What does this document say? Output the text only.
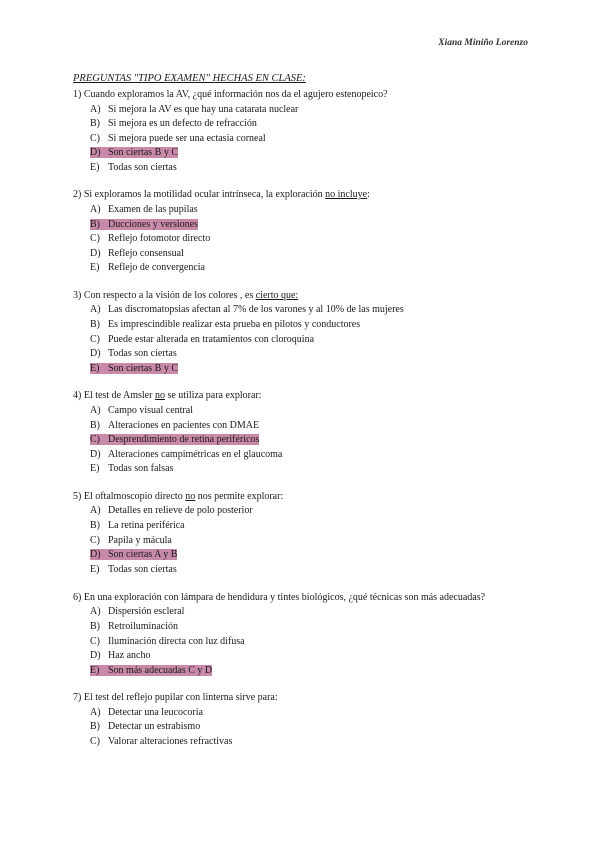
Xiana Miniño Lorenzo
PREGUNTAS "TIPO EXAMEN" HECHAS EN CLASE:
1) Cuando exploramos la AV, ¿qué información nos da el agujero estenopeico?
A) Si mejora la AV es que hay una catarata nuclear
B) Si mejora es un defecto de refracción
C) Si mejora puede ser una ectasia corneal
D) Son ciertas B y C
E) Todas son ciertas
2) Si exploramos la motilidad ocular intrínseca, la exploración no incluye:
A) Examen de las pupilas
B) Ducciones y versiones
C) Reflejo fotomotor directo
D) Reflejo consensual
E) Reflejo de convergencia
3) Con respecto a la visión de los colores , es cierto que:
A) Las discromatopsias afectan al 7% de los varones y al 10% de las mujeres
B) Es imprescindible realizar esta prueba en pilotos y conductores
C) Puede estar alterada en tratamientos con cloroquina
D) Todas son ciertas
E) Son ciertas B y C
4) El test de Amsler no se utiliza para explorar:
A) Campo visual central
B) Alteraciones en pacientes con DMAE
C) Desprendimiento de retina periféricos
D) Alteraciones campimétricas en el glaucoma
E) Todas son falsas
5) El oftalmoscopio directo no nos permite explorar:
A) Detalles en relieve de polo posterior
B) La retina periférica
C) Papila y mácula
D) Son ciertas A y B
E) Todas son ciertas
6) En una exploración con lámpara de hendidura y tintes biológicos, ¿qué técnicas son más adecuadas?
A) Dispersión escleral
B) Retroiluminación
C) Iluminación directa con luz difusa
D) Haz ancho
E) Son más adecuadas C y D
7) El test del reflejo pupilar con linterna sirve para:
A) Detectar una leucocoria
B) Detectar un estrabismo
C) Valorar alteraciones refractivas
